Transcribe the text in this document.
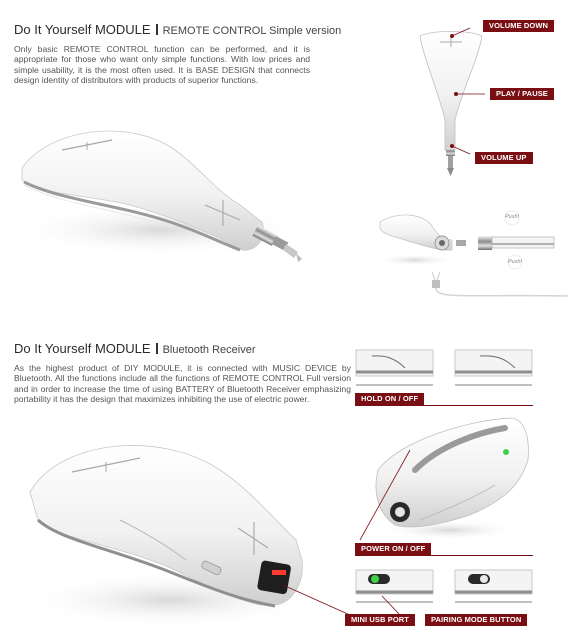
Do It Yourself MODULE REMOTE CONTROL Simple version
Only basic REMOTE CONTROL function can be performed, and it is appropriate for those who want only simple functions. With low prices and simple usability, it is the most often used. It is BASE DESIGN that connects design identity of distributors with products of superior functions.
Push!
Push!
VOLUME DOWN
PLAY / PAUSE
VOLUME UP
Do It Yourself MODULE Bluetooth Receiver
As the highest product of DIY MODULE, it is connected with MUSIC DEVICE by Bluetooth. All the functions include all the functions of REMOTE CONTROL Full version and in order to increase the time of using BATTERY of Bluetooth Receiver emphasizing portability it has the design that maximizes inhibiting the use of electric power.	HOLD ON / OFF
POWER ON / OFF
MINI USB PORT	PAIRING MODE BUTTON
